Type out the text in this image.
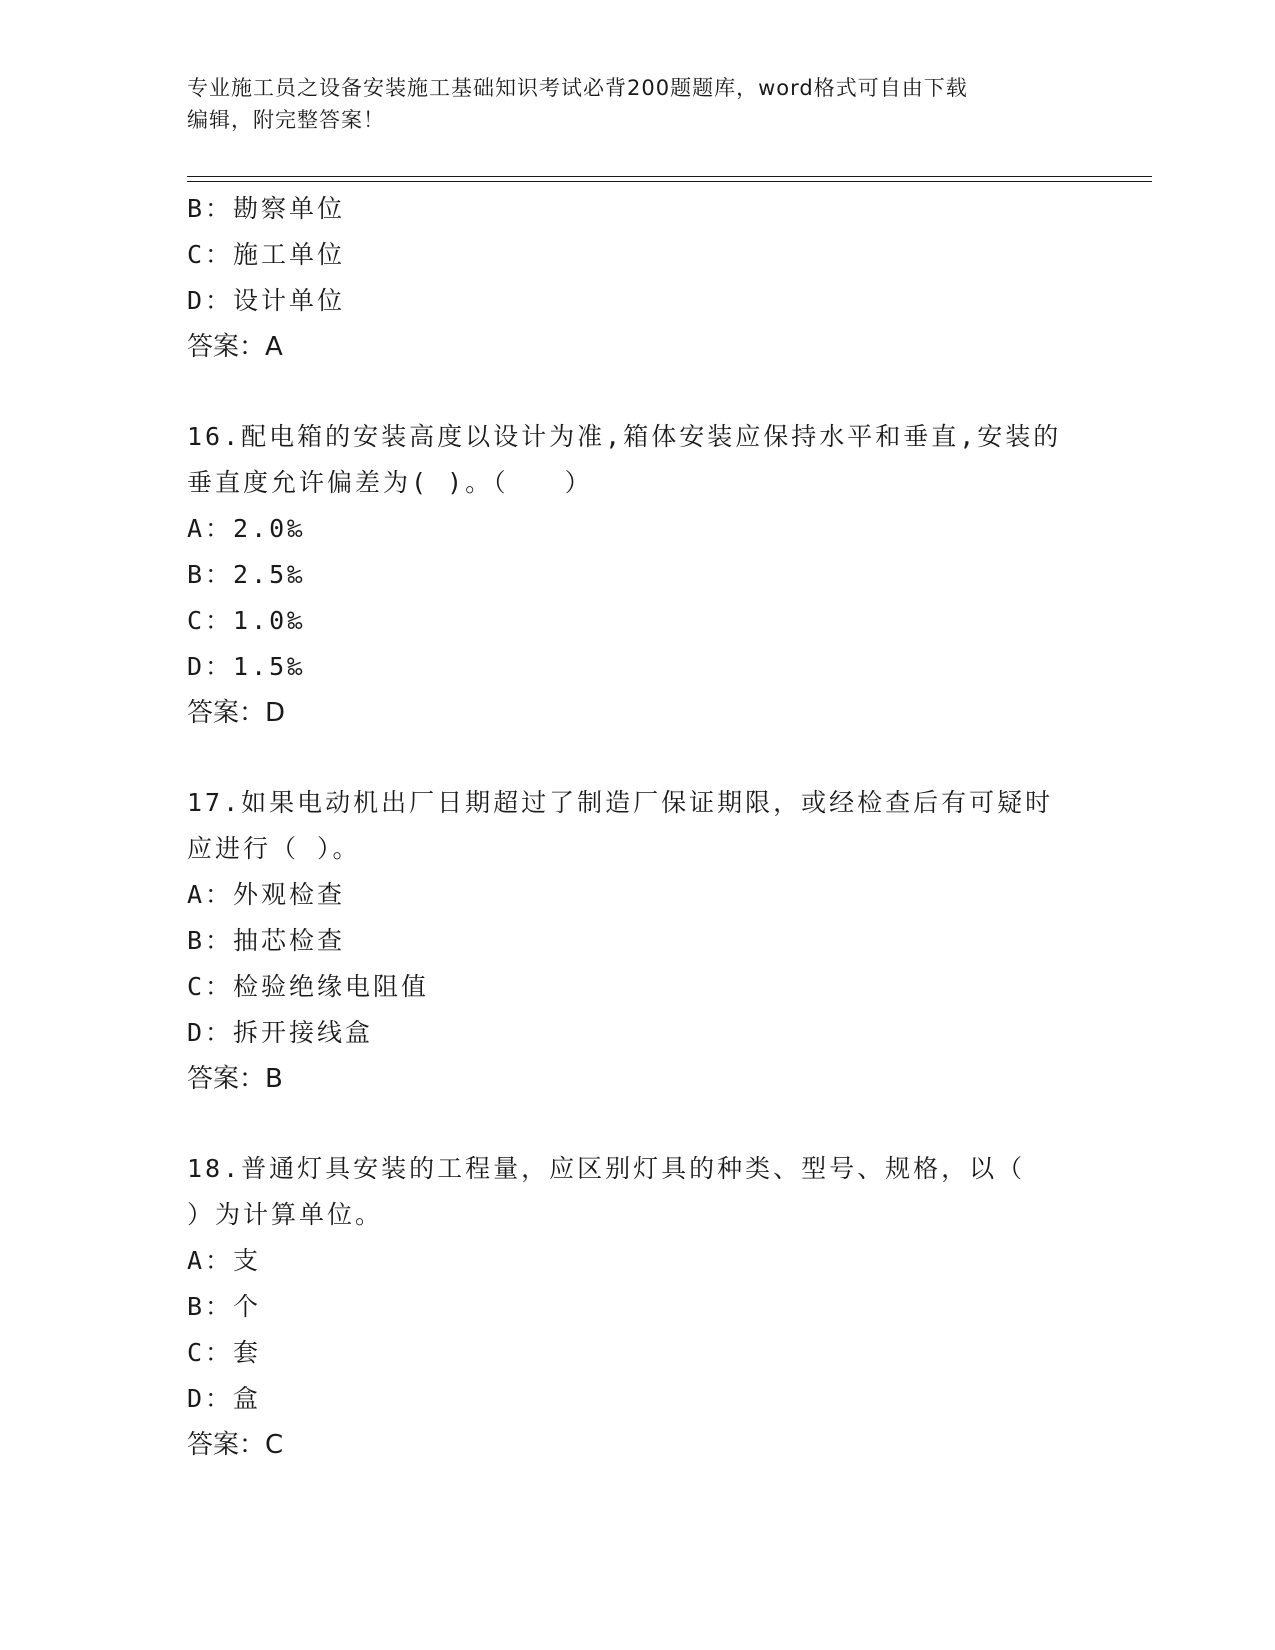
专业施工员之设备安装施工基础知识考试必背200题题库，word格式可自由下载
编辑，附完整答案！
B：勘察单位
C：施工单位
D：设计单位
答案：A
16.配电箱的安装高度以设计为准,箱体安装应保持水平和垂直,安装的
垂直度允许偏差为( )。（　　）
A：2.0‰
B：2.5‰
C：1.0‰
D：1.5‰
答案：D
17.如果电动机出厂日期超过了制造厂保证期限，或经检查后有可疑时
应进行（ ）。
A：外观检查
B：抽芯检查
C：检验绝缘电阻值
D：拆开接线盒
答案：B
18.普通灯具安装的工程量，应区别灯具的种类、型号、规格，以（
）为计算单位。
A：支
B：个
C：套
D：盒
答案：C
